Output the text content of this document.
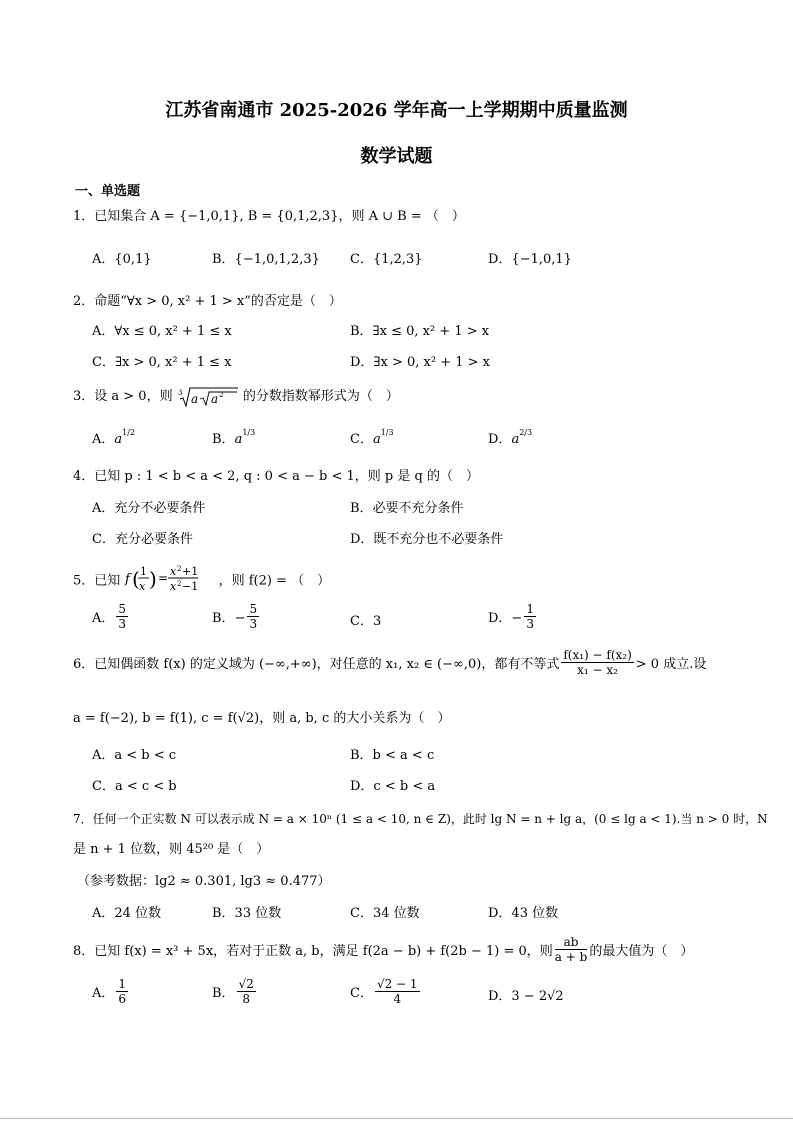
江苏省南通市 2025-2026 学年高一上学期期中质量监测
数学试题
一、单选题
1．已知集合 A = {−1,0,1}, B = {0,1,2,3}，则 A ∪ B = （　）
A．{0,1}	B．{−1,0,1,2,3} C．{1,2,3}	D．{−1,0,1}
2．命题“∀x > 0, x² + 1 > x”的否定是（　）
A．∀x ≤ 0, x² + 1 ≤ x	B．∃x ≤ 0, x² + 1 > x
C．∃x > 0, x² + 1 ≤ x	D．∃x > 0, x² + 1 > x
3．设 a > 0，则 3 a a 2 的分数指数幂形式为（　）
A．$a^{1/2}$	B．$a^{1/3}$	C．$a^{1/3}$	D．$a^{2/3}$
4．已知 p : 1 < b < a < 2, q : 0 < a − b < 1，则 p 是 q 的（　）
A．充分不必要条件	B．必要不充分条件
C．充分必要条件	D．既不充分也不必要条件
5．已知 f ( 1
x ) = x 2 +1
x 2 −1 ，则 f(2) = （　）
A． $\frac{5}{3}$	B．− $\frac{5}{3}$	C．3	D．− $\frac{1}{3}$
6．已知偶函数 f(x) 的定义域为 (−∞,+∞)，对任意的 x₁, x₂ ∈ (−∞,0)，都有不等式 $\frac{\text{f(x₁) − f(x₂)}}{\text{x₁ − x₂}} > 0$ 成立.设
a = f(−2), b = f(1), c = f(√2)，则 a, b, c 的大小关系为（　）
A．a < b < c	B．b < a < c
C．a < c < b	D．c < b < a
7．任何一个正实数 N 可以表示成 N = a × 10ⁿ (1 ≤ a < 10, n ∈ Z)，此时 lg N = n + lg a，(0 ≤ lg a < 1).当 n > 0 时，N
是 n + 1 位数，则 45²⁰ 是（　）
（参考数据：lg2 ≈ 0.301, lg3 ≈ 0.477）
A．24 位数	B．33 位数	C．34 位数	D．43 位数
8．已知 f(x) = x³ + 5x，若对于正数 a, b，满足 f(2a − b) + f(2b − 1) = 0，则 $\frac{ab}{a + b}$ 的最大值为（　）
A． $\frac{1}{6}$	B． $\frac{√2}{8}$	C． $\frac{√2 - 1}{4}$	D．3 − 2√2
